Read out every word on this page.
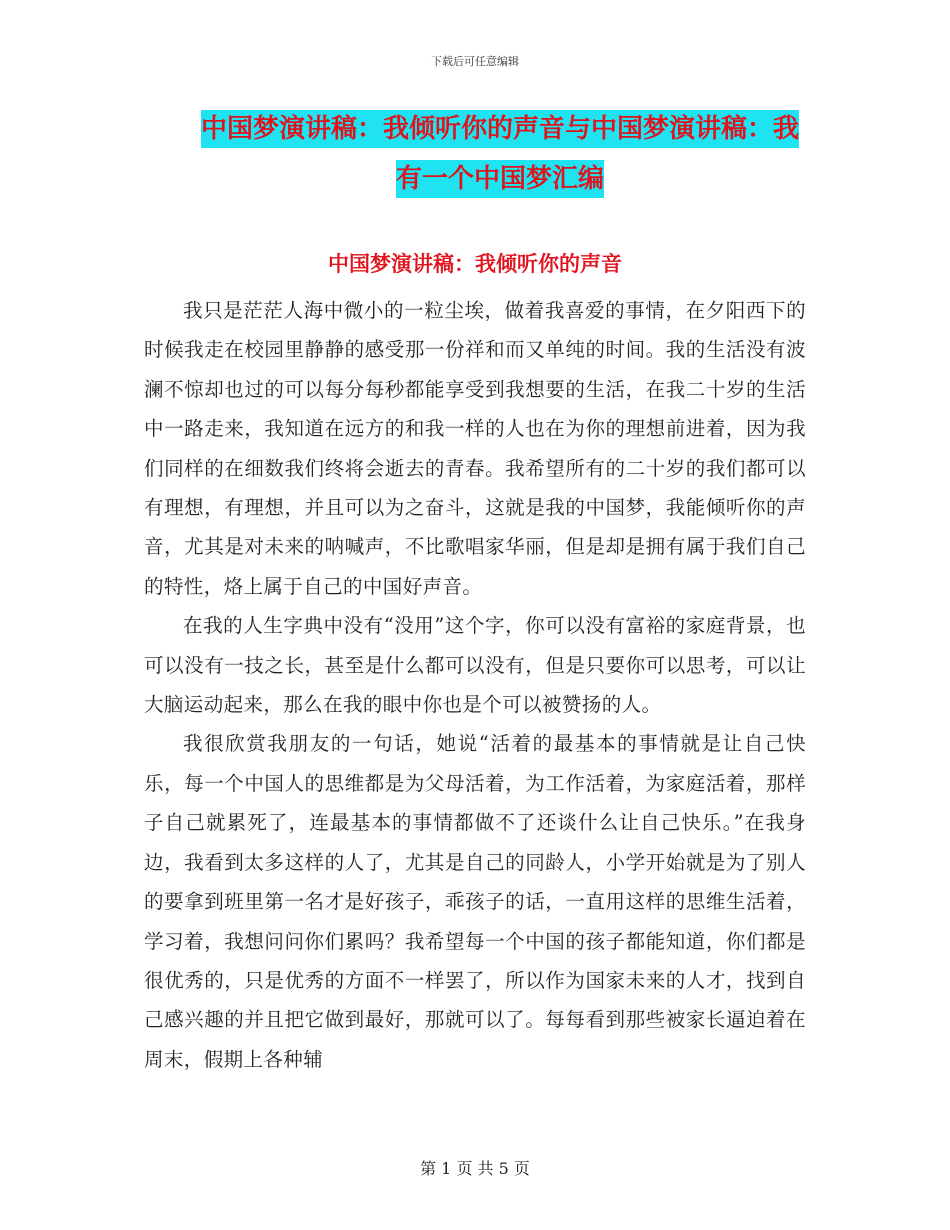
下载后可任意编辑
中国梦演讲稿：我倾听你的声音与中国梦演讲稿：我
有一个中国梦汇编
中国梦演讲稿：我倾听你的声音

我只是茫茫人海中微小的一粒尘埃，做着我喜爱的事情，在夕阳西下的时候我走在校园里静静的感受那一份祥和而又单纯的时间。我的生活没有波澜不惊却也过的可以每分每秒都能享受到我想要的生活，在我二十岁的生活中一路走来，我知道在远方的和我一样的人也在为你的理想前进着，因为我们同样的在细数我们终将会逝去的青春。我希望所有的二十岁的我们都可以有理想，有理想，并且可以为之奋斗，这就是我的中国梦，我能倾听你的声音，尤其是对未来的呐喊声，不比歌唱家华丽，但是却是拥有属于我们自己的特性，烙上属于自己的中国好声音。

在我的人生字典中没有“没用”这个字，你可以没有富裕的家庭背景，也可以没有一技之长，甚至是什么都可以没有，但是只要你可以思考，可以让大脑运动起来，那么在我的眼中你也是个可以被赞扬的人。

我很欣赏我朋友的一句话，她说“活着的最基本的事情就是让自己快乐，每一个中国人的思维都是为父母活着，为工作活着，为家庭活着，那样子自己就累死了，连最基本的事情都做不了还谈什么让自己快乐。”在我身边，我看到太多这样的人了，尤其是自己的同龄人，小学开始就是为了别人的要拿到班里第一名才是好孩子，乖孩子的话，一直用这样的思维生活着，学习着，我想问问你们累吗？我希望每一个中国的孩子都能知道，你们都是很优秀的，只是优秀的方面不一样罢了，所以作为国家未来的人才，找到自己感兴趣的并且把它做到最好，那就可以了。每每看到那些被家长逼迫着在周末，假期上各种辅

第 1 页 共 5 页
